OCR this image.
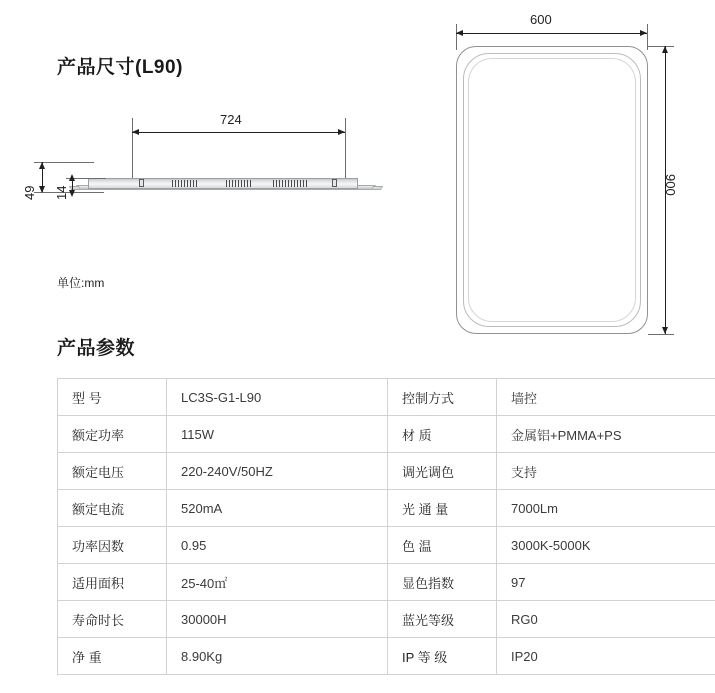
产品尺寸(L90)
724
49 14
单位:mm
600
900
产品参数
型 号	LC3S-G1-L90	控制方式	墙控
额定功率	115W	材 质	金属铝+PMMA+PS
额定电压	220-240V/50HZ	调光调色	支持
额定电流	520mA	光 通 量	7000Lm
功率因数	0.95	色 温	3000K-5000K
适用面积	25-40㎡	显色指数	97
寿命时长	30000H	蓝光等级	RG0
净 重	8.90Kg	IP 等 级	IP20
